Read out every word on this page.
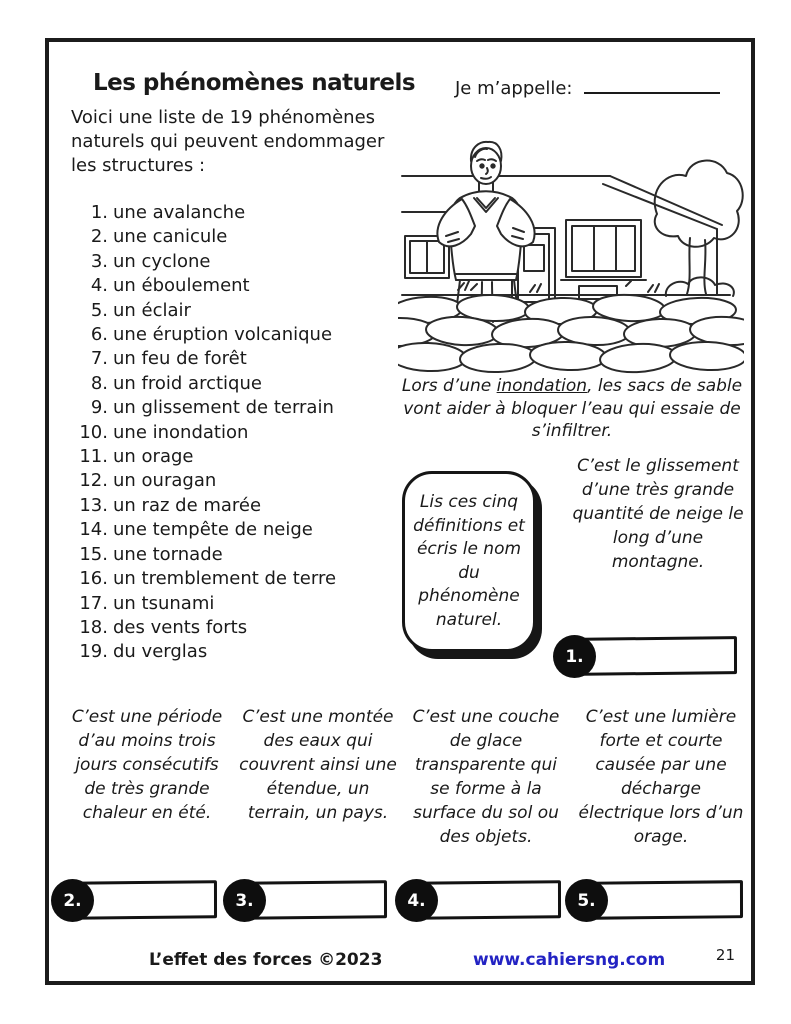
Les phénomènes naturels Je m’appelle:

Voici une liste de 19 phénomènes naturels qui peuvent endommager les structures :

1. une avalanche
2. une canicule
3. un cyclone
4. un éboulement
5. un éclair
6. une éruption volcanique
7. un feu de forêt
8. un froid arctique
9. un glissement de terrain
10. une inondation
11. un orage
12. un ouragan
13. un raz de marée
14. une tempête de neige
15. une tornade
16. un tremblement de terre
17. un tsunami
18. des vents forts
19. du verglas

Lors d’une inondation, les sacs de sable vont aider à bloquer l’eau qui essaie de s’infiltrer.

Lis ces cinq définitions et écris le nom du phénomène naturel.
C’est le glissement d’une très grande quantité de neige le long d’une montagne.
1.
C’est une période d’au moins trois jours consécutifs de très grande chaleur en été.
C’est une montée des eaux qui couvrent ainsi une étendue, un terrain, un pays.
C’est une couche de glace transparente qui se forme à la surface du sol ou des objets.
C’est une lumière forte et courte causée par une décharge électrique lors d’un orage.
2.	3.	4.	5.
L’effet des forces ©2023	www.cahiersng.com	21
